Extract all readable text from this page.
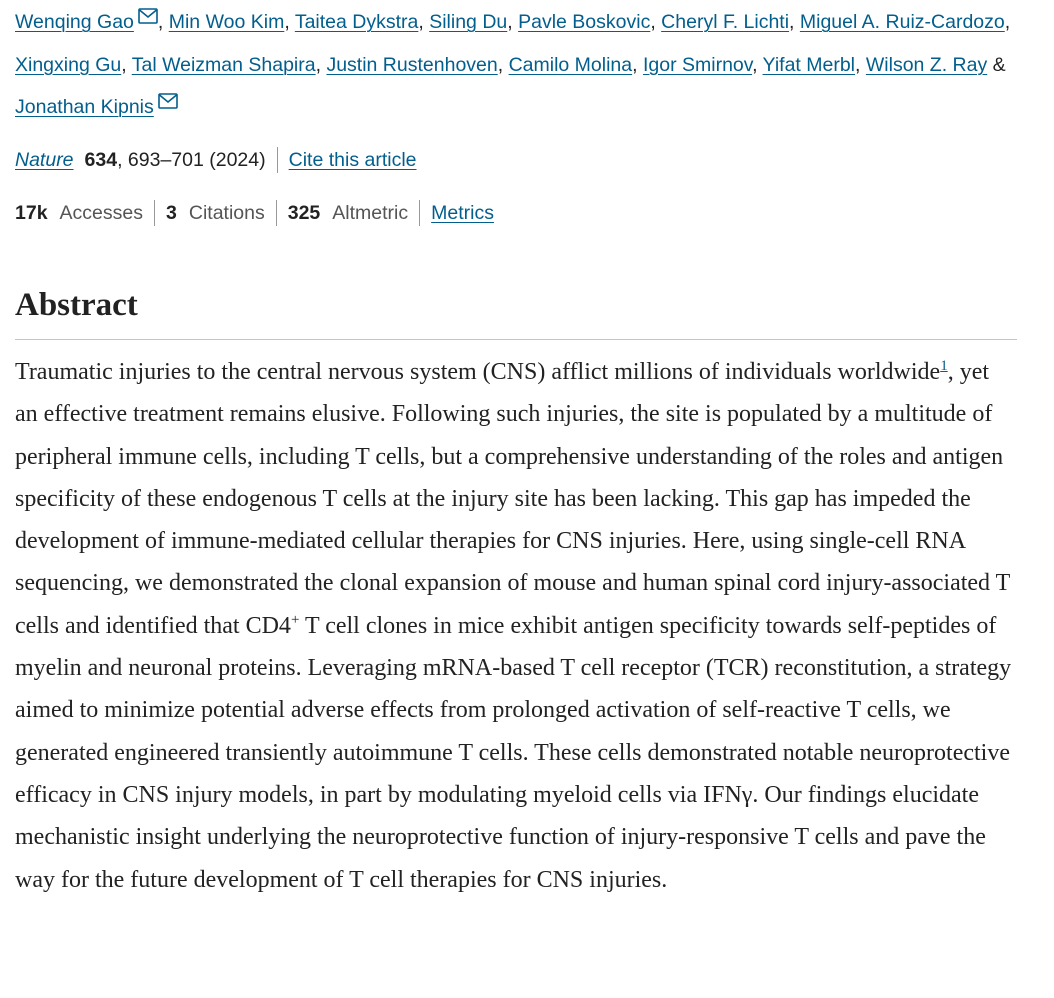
Wenqing Gao , Min Woo Kim, Taitea Dykstra, Siling Du, Pavle Boskovic, Cheryl F. Lichti, Miguel A. Ruiz-Cardozo, Xingxing Gu, Tal Weizman Shapira, Justin Rustenhoven, Camilo Molina, Igor Smirnov, Yifat Merbl, Wilson Z. Ray & Jonathan Kipnis

Nature 634 , 693–701 (2024) Cite this article
17k Accesses 3 Citations 325 Altmetric Metrics
Abstract

Traumatic injuries to the central nervous system (CNS) afflict millions of individuals worldwide$^1$, yet an effective treatment remains elusive. Following such injuries, the site is populated by a multitude of peripheral immune cells, including T cells, but a comprehensive understanding of the roles and antigen specificity of these endogenous T cells at the injury site has been lacking. This gap has impeded the development of immune-mediated cellular therapies for CNS injuries. Here, using single-cell RNA sequencing, we demonstrated the clonal expansion of mouse and human spinal cord injury-associated T cells and identified that CD4+ T cell clones in mice exhibit antigen specificity towards self-peptides of myelin and neuronal proteins. Leveraging mRNA-based T cell receptor (TCR) reconstitution, a strategy aimed to minimize potential adverse effects from prolonged activation of self-reactive T cells, we generated engineered transiently autoimmune T cells. These cells demonstrated notable neuroprotective efficacy in CNS injury models, in part by modulating myeloid cells via IFNγ. Our findings elucidate mechanistic insight underlying the neuroprotective function of injury-responsive T cells and pave the way for the future development of T cell therapies for CNS injuries.
